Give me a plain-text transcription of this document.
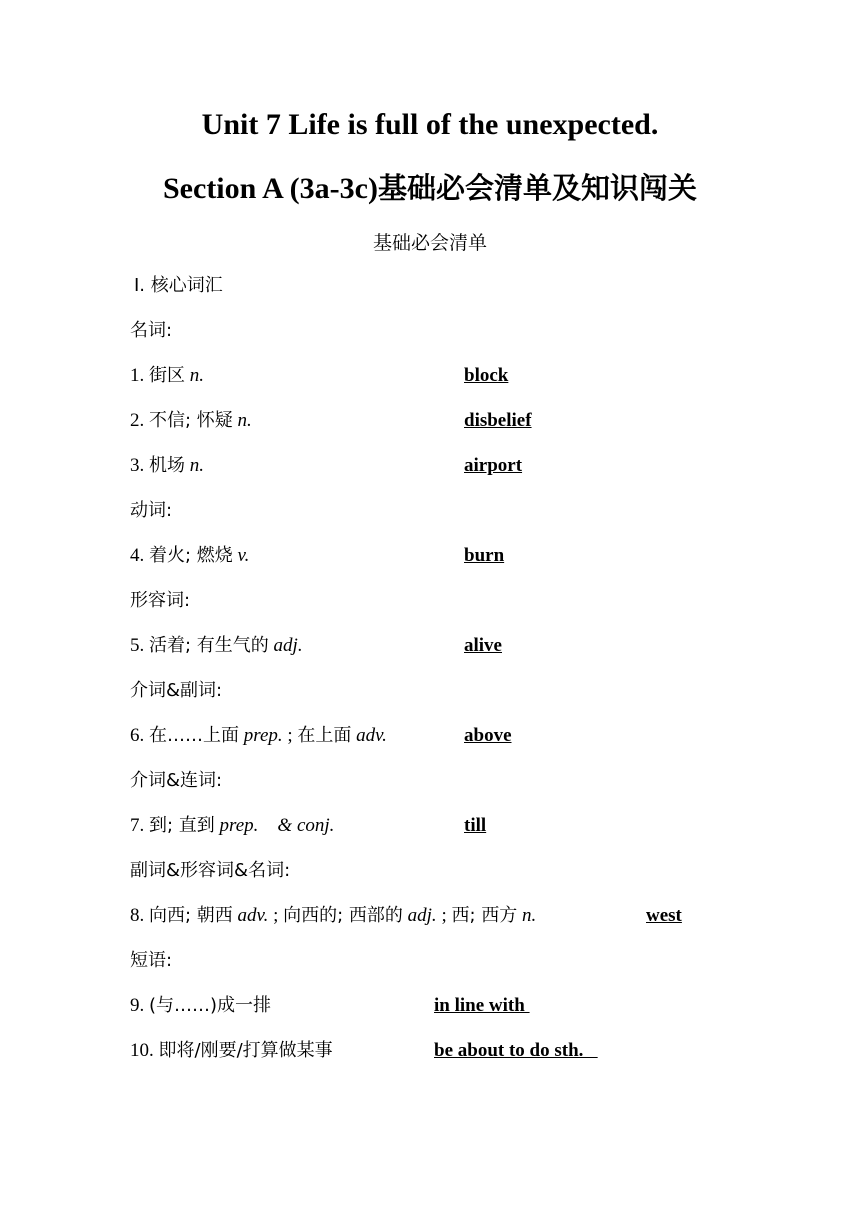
Unit 7 Life is full of the unexpected.
Section A (3a-3c)基础必会清单及知识闯关
基础必会清单
Ⅰ. 核心词汇
名词:
1. 街区 n.	block
2. 不信; 怀疑 n.	disbelief
3. 机场 n.	airport
动词:
4. 着火; 燃烧 v.	burn
形容词:
5. 活着; 有生气的 adj.	alive
介词&副词:
6. 在……上面 prep. ; 在上面 adv.	above
介词&连词:
7. 到; 直到 prep.    & conj.	till
副词&形容词&名词:
8. 向西; 朝西 adv. ; 向西的; 西部的 adj. ; 西; 西方 n.	west
短语:
9. (与……)成一排	in line with
10. 即将/刚要/打算做某事	be about to do sth.
